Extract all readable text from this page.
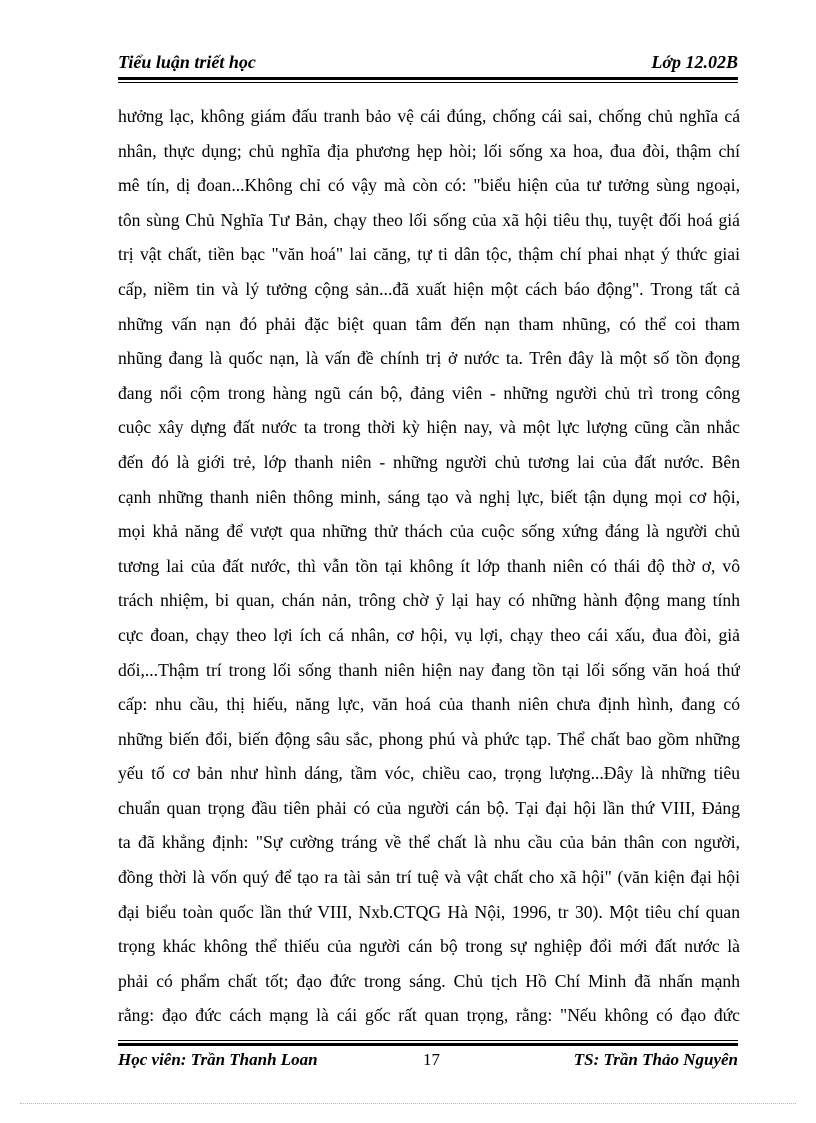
Tiểu luận triết học	Lớp 12.02B
hưởng lạc, không giám đấu tranh bảo vệ cái đúng, chống cái sai, chống chủ nghĩa cá
nhân, thực dụng; chủ nghĩa địa phương hẹp hòi; lối sống xa hoa, đua đòi, thậm chí
mê tín, dị đoan...Không chỉ có vậy mà còn có: "biểu hiện của tư tưởng sùng ngoại,
tôn sùng Chủ Nghĩa Tư Bản, chạy theo lối sống của xã hội tiêu thụ, tuyệt đối hoá giá
trị vật chất, tiền bạc "văn hoá" lai căng, tự ti dân tộc, thậm chí phai nhạt ý thức giai
cấp, niềm tin và lý tưởng cộng sản...đã xuất hiện một cách báo động". Trong tất cả
những vấn nạn đó phải đặc biệt quan tâm đến nạn tham nhũng, có thể coi tham
nhũng đang là quốc nạn, là vấn đề chính trị ở nước ta. Trên đây là một số tồn đọng
đang nổi cộm trong hàng ngũ cán bộ, đảng viên - những người chủ trì trong công
cuộc xây dựng đất nước ta trong thời kỳ hiện nay, và một lực lượng cũng cần nhắc
đến đó là giới trẻ, lớp thanh niên - những người chủ tương lai của đất nước. Bên
cạnh những thanh niên thông minh, sáng tạo và nghị lực, biết tận dụng mọi cơ hội,
mọi khả năng để vượt qua những thử thách của cuộc sống xứng đáng là người chủ
tương lai của đất nước, thì vẫn tồn tại không ít lớp thanh niên có thái độ thờ ơ, vô
trách nhiệm, bi quan, chán nản, trông chờ ỷ lại hay có những hành động mang tính
cực đoan, chạy theo lợi ích cá nhân, cơ hội, vụ lợi, chạy theo cái xấu, đua đòi, giả
dối,...Thậm trí trong lối sống thanh niên hiện nay đang tồn tại lối sống văn hoá thứ
cấp: nhu cầu, thị hiếu, năng lực, văn hoá của thanh niên chưa định hình, đang có
những biến đổi, biến động sâu sắc, phong phú và phức tạp. Thể chất bao gồm những
yếu tố cơ bản như hình dáng, tầm vóc, chiều cao, trọng lượng...Đây là những tiêu
chuẩn quan trọng đầu tiên phải có của người cán bộ. Tại đại hội lần thứ VIII, Đảng
ta đã khẳng định: "Sự cường tráng về thể chất là nhu cầu của bản thân con người,
đồng thời là vốn quý để tạo ra tài sản trí tuệ và vật chất cho xã hội" (văn kiện đại hội
đại biểu toàn quốc lần thứ VIII, Nxb.CTQG Hà Nội, 1996, tr 30). Một tiêu chí quan
trọng khác không thể thiếu của người cán bộ trong sự nghiệp đổi mới đất nước là
phải có phẩm chất tốt; đạo đức trong sáng. Chủ tịch Hồ Chí Minh đã nhấn mạnh
rằng: đạo đức cách mạng là cái gốc rất quan trọng, rằng: "Nếu không có đạo đức
Học viên: Trần Thanh Loan	17	TS: Trần Thảo Nguyên
